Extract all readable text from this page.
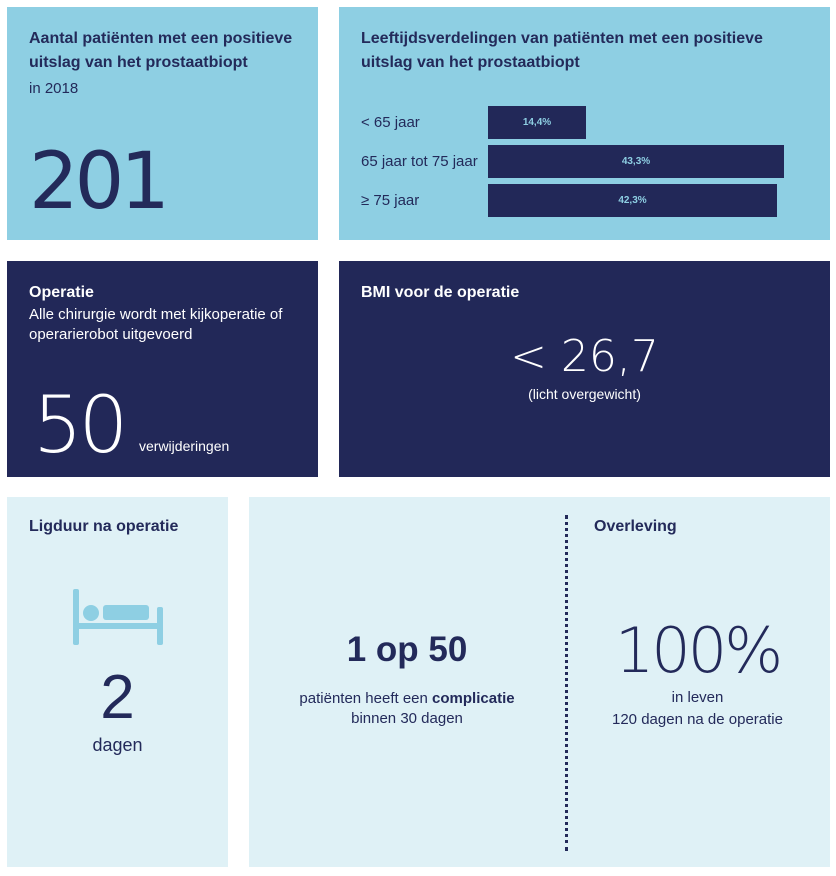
Aantal patiënten met een positieve uitslag van het prostaatbiopt
in 2018
201
Leeftijdsverdelingen van patiënten met een positieve uitslag van het prostaatbiopt
< 65 jaar	14,4%
65 jaar tot 75 jaar	43,3%
≥ 75 jaar	42,3%
Operatie
Alle chirurgie wordt met kijkoperatie of operarierobot uitgevoerd
50 verwijderingen
BMI voor de operatie
< 26,7
(licht overgewicht)
Ligduur na operatie
2
dagen
1 op 50
patiënten heeft een complicatie
binnen 30 dagen
Overleving
100%
in leven
120 dagen na de operatie
